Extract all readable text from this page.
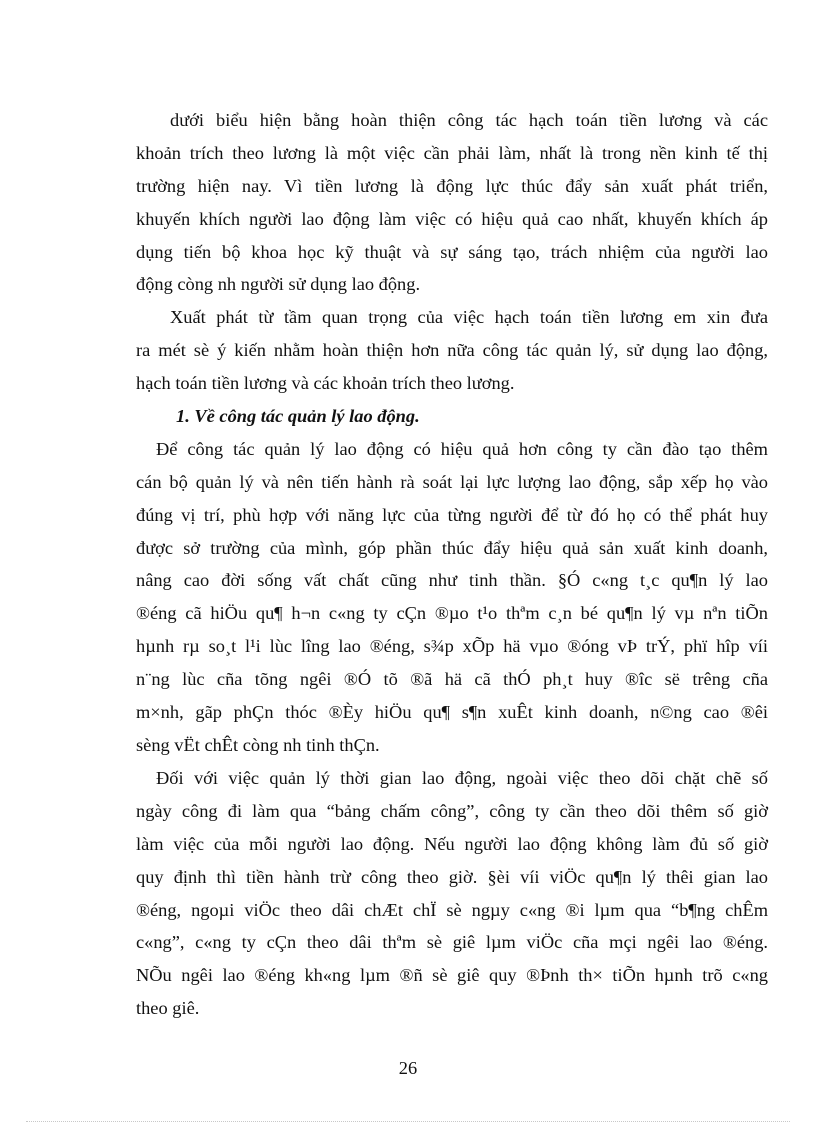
dưới biểu hiện bằng hoàn thiện công tác hạch toán tiền lương và các
khoản trích theo lương là một việc cần phải làm, nhất là trong nền kinh tế thị
trường hiện nay. Vì tiền lương là động lực thúc đẩy sản xuất phát triển,
khuyến khích người lao động làm việc có hiệu quả cao nhất, khuyến khích áp
dụng tiến bộ khoa học kỹ thuật và sự sáng tạo, trách nhiệm của người lao
động còng nh người sử dụng lao động.
Xuất phát từ tầm quan trọng của việc hạch toán tiền lương em xin đưa
ra mét sè ý kiến nhằm hoàn thiện hơn nữa công tác quản lý, sử dụng lao động,
hạch toán tiền lương và các khoản trích theo lương.
1. Về công tác quản lý lao động.
Để công tác quản lý lao động có hiệu quả hơn công ty cần đào tạo thêm
cán bộ quản lý và nên tiến hành rà soát lại lực lượng lao động, sắp xếp họ vào
đúng vị trí, phù hợp với năng lực của từng người để từ đó họ có thể phát huy
được sở trường của mình, góp phần thúc đẩy hiệu quả sản xuất kinh doanh,
nâng cao đời sống vất chất cũng như tinh thần. §Ó c«ng t¸c qu¶n lý lao
®éng cã hiÖu qu¶ h¬n c«ng ty cÇn ®µo t¹o thªm c¸n bé qu¶n lý vµ nªn tiÕn
hµnh rµ so¸t l¹i lùc lîng lao ®éng, s¾p xÕp hä vµo ®óng vÞ trÝ, phï hîp víi
n¨ng lùc cña tõng ngêi ®Ó tõ ®ã hä cã thÓ ph¸t huy ®îc së trêng cña
m×nh, gãp phÇn thóc ®Èy hiÖu qu¶ s¶n xuÊt kinh doanh, n©ng cao ®êi
sèng vËt chÊt còng nh tinh thÇn.
Đối với việc quản lý thời gian lao động, ngoài việc theo dõi chặt chẽ số
ngày công đi làm qua “bảng chấm công”, công ty cần theo dõi thêm số giờ
làm việc của mỗi người lao động. Nếu người lao động không làm đủ số giờ
quy định thì tiền hành trừ công theo giờ. §èi víi viÖc qu¶n lý thêi gian lao
®éng, ngoµi viÖc theo dâi chÆt chÏ sè ngµy c«ng ®i lµm qua “b¶ng chÊm
c«ng”, c«ng ty cÇn theo dâi thªm sè giê lµm viÖc cña mçi ngêi lao ®éng.
NÕu ngêi lao ®éng kh«ng lµm ®ñ sè giê quy ®Þnh th× tiÕn hµnh trõ c«ng
theo giê.
26
